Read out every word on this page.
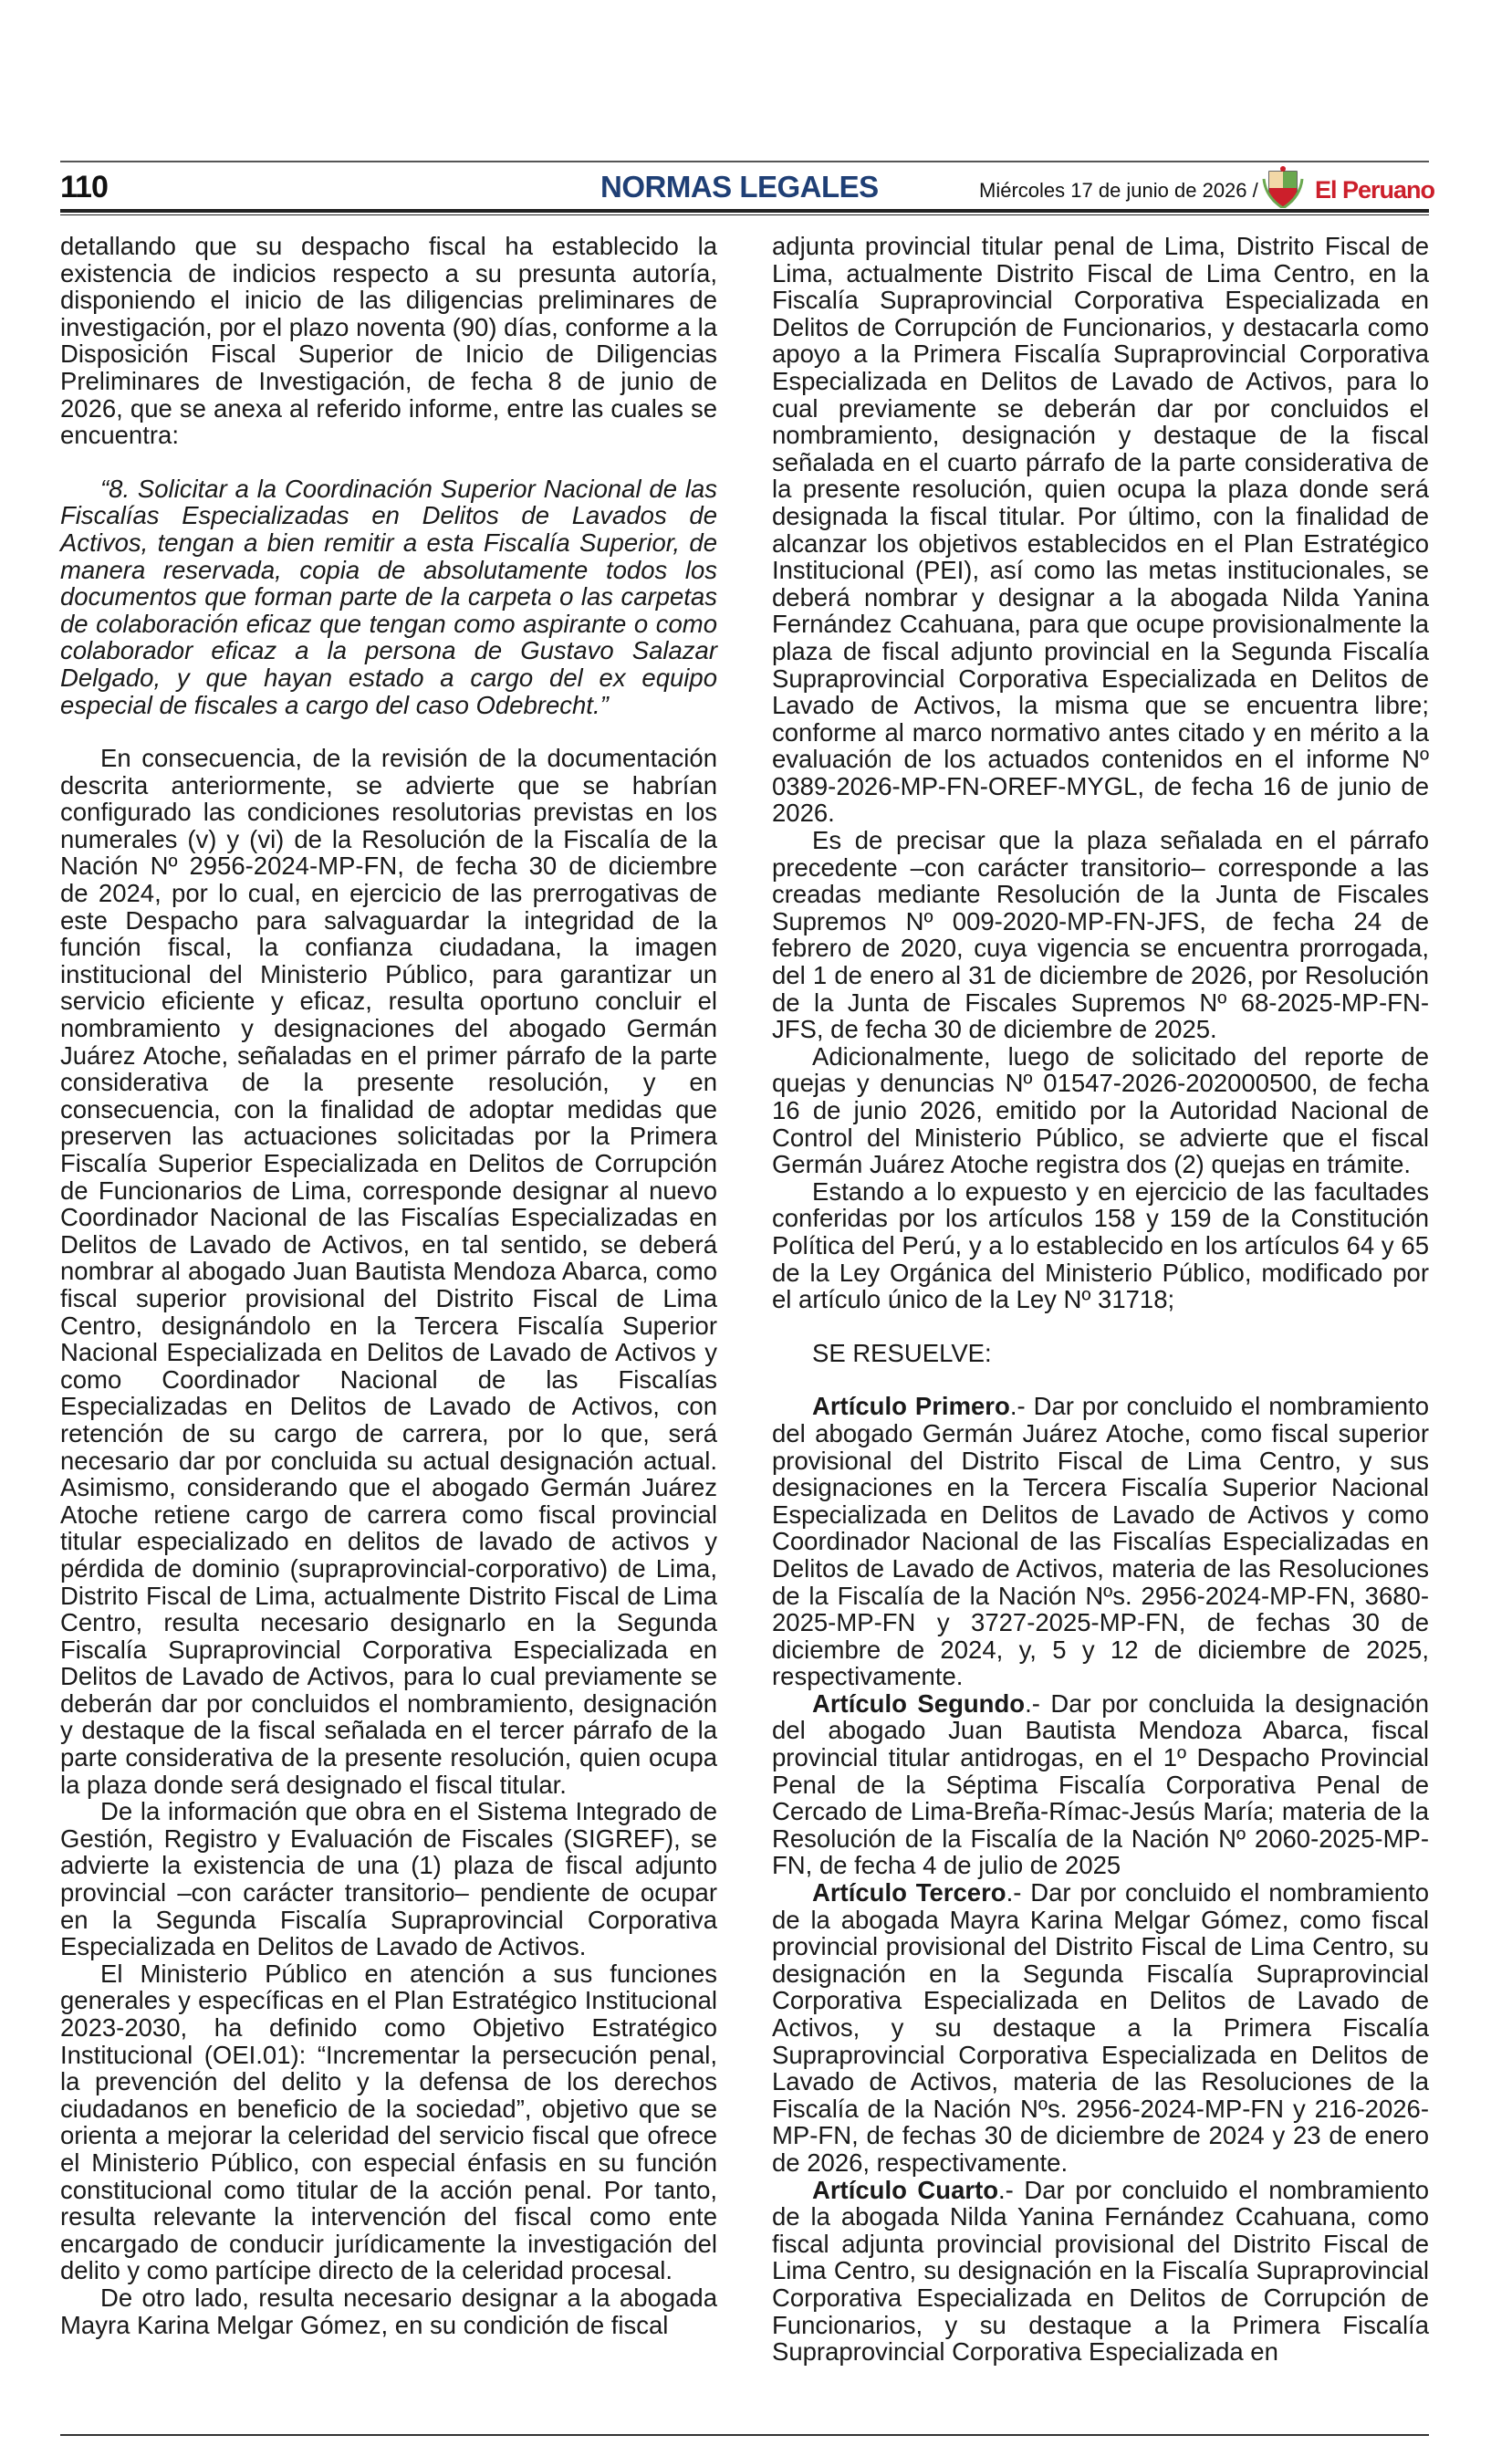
110	NORMAS LEGALES	Miércoles 17 de junio de 2026 / El Peruano

detallando que su despacho fiscal ha establecido la existencia de indicios respecto a su presunta autoría, disponiendo el inicio de las diligencias preliminares de investigación, por el plazo noventa (90) días, conforme a la Disposición Fiscal Superior de Inicio de Diligencias Preliminares de Investigación, de fecha 8 de junio de 2026, que se anexa al referido informe, entre las cuales se encuentra:

“8. Solicitar a la Coordinación Superior Nacional de las Fiscalías Especializadas en Delitos de Lavados de Activos, tengan a bien remitir a esta Fiscalía Superior, de manera reservada, copia de absolutamente todos los documentos que forman parte de la carpeta o las carpetas de colaboración eficaz que tengan como aspirante o como colaborador eficaz a la persona de Gustavo Salazar Delgado, y que hayan estado a cargo del ex equipo especial de fiscales a cargo del caso Odebrecht.”

En consecuencia, de la revisión de la documentación descrita anteriormente, se advierte que se habrían configurado las condiciones resolutorias previstas en los numerales (v) y (vi) de la Resolución de la Fiscalía de la Nación Nº 2956-2024-MP-FN, de fecha 30 de diciembre de 2024, por lo cual, en ejercicio de las prerrogativas de este Despacho para salvaguardar la integridad de la función fiscal, la confianza ciudadana, la imagen institucional del Ministerio Público, para garantizar un servicio eficiente y eficaz, resulta oportuno concluir el nombramiento y designaciones del abogado Germán Juárez Atoche, señaladas en el primer párrafo de la parte considerativa de la presente resolución, y en consecuencia, con la finalidad de adoptar medidas que preserven las actuaciones solicitadas por la Primera Fiscalía Superior Especializada en Delitos de Corrupción de Funcionarios de Lima, corresponde designar al nuevo Coordinador Nacional de las Fiscalías Especializadas en Delitos de Lavado de Activos, en tal sentido, se deberá nombrar al abogado Juan Bautista Mendoza Abarca, como fiscal superior provisional del Distrito Fiscal de Lima Centro, designándolo en la Tercera Fiscalía Superior Nacional Especializada en Delitos de Lavado de Activos y como Coordinador Nacional de las Fiscalías Especializadas en Delitos de Lavado de Activos, con retención de su cargo de carrera, por lo que, será necesario dar por concluida su actual designación actual. Asimismo, considerando que el abogado Germán Juárez Atoche retiene cargo de carrera como fiscal provincial titular especializado en delitos de lavado de activos y pérdida de dominio (supraprovincial-corporativo) de Lima, Distrito Fiscal de Lima, actualmente Distrito Fiscal de Lima Centro, resulta necesario designarlo en la Segunda Fiscalía Supraprovincial Corporativa Especializada en Delitos de Lavado de Activos, para lo cual previamente se deberán dar por concluidos el nombramiento, designación y destaque de la fiscal señalada en el tercer párrafo de la parte considerativa de la presente resolución, quien ocupa la plaza donde será designado el fiscal titular.

De la información que obra en el Sistema Integrado de Gestión, Registro y Evaluación de Fiscales (SIGREF), se advierte la existencia de una (1) plaza de fiscal adjunto provincial –con carácter transitorio– pendiente de ocupar en la Segunda Fiscalía Supraprovincial Corporativa Especializada en Delitos de Lavado de Activos.

El Ministerio Público en atención a sus funciones generales y específicas en el Plan Estratégico Institucional 2023-2030, ha definido como Objetivo Estratégico Institucional (OEI.01): “Incrementar la persecución penal, la prevención del delito y la defensa de los derechos ciudadanos en beneficio de la sociedad”, objetivo que se orienta a mejorar la celeridad del servicio fiscal que ofrece el Ministerio Público, con especial énfasis en su función constitucional como titular de la acción penal. Por tanto, resulta relevante la intervención del fiscal como ente encargado de conducir jurídicamente la investigación del delito y como partícipe directo de la celeridad procesal.

De otro lado, resulta necesario designar a la abogada Mayra Karina Melgar Gómez, en su condición de fiscal

adjunta provincial titular penal de Lima, Distrito Fiscal de Lima, actualmente Distrito Fiscal de Lima Centro, en la Fiscalía Supraprovincial Corporativa Especializada en Delitos de Corrupción de Funcionarios, y destacarla como apoyo a la Primera Fiscalía Supraprovincial Corporativa Especializada en Delitos de Lavado de Activos, para lo cual previamente se deberán dar por concluidos el nombramiento, designación y destaque de la fiscal señalada en el cuarto párrafo de la parte considerativa de la presente resolución, quien ocupa la plaza donde será designada la fiscal titular. Por último, con la finalidad de alcanzar los objetivos establecidos en el Plan Estratégico Institucional (PEI), así como las metas institucionales, se deberá nombrar y designar a la abogada Nilda Yanina Fernández Ccahuana, para que ocupe provisionalmente la plaza de fiscal adjunto provincial en la Segunda Fiscalía Supraprovincial Corporativa Especializada en Delitos de Lavado de Activos, la misma que se encuentra libre; conforme al marco normativo antes citado y en mérito a la evaluación de los actuados contenidos en el informe Nº 0389-2026-MP-FN-OREF-MYGL, de fecha 16 de junio de 2026.

Es de precisar que la plaza señalada en el párrafo precedente –con carácter transitorio– corresponde a las creadas mediante Resolución de la Junta de Fiscales Supremos Nº 009-2020-MP-FN-JFS, de fecha 24 de febrero de 2020, cuya vigencia se encuentra prorrogada, del 1 de enero al 31 de diciembre de 2026, por Resolución de la Junta de Fiscales Supremos Nº 68-2025-MP-FN-JFS, de fecha 30 de diciembre de 2025.

Adicionalmente, luego de solicitado del reporte de quejas y denuncias Nº 01547-2026-202000500, de fecha 16 de junio 2026, emitido por la Autoridad Nacional de Control del Ministerio Público, se advierte que el fiscal Germán Juárez Atoche registra dos (2) quejas en trámite.

Estando a lo expuesto y en ejercicio de las facultades conferidas por los artículos 158 y 159 de la Constitución Política del Perú, y a lo establecido en los artículos 64 y 65 de la Ley Orgánica del Ministerio Público, modificado por el artículo único de la Ley Nº 31718;

SE RESUELVE:

Artículo Primero.- Dar por concluido el nombramiento del abogado Germán Juárez Atoche, como fiscal superior provisional del Distrito Fiscal de Lima Centro, y sus designaciones en la Tercera Fiscalía Superior Nacional Especializada en Delitos de Lavado de Activos y como Coordinador Nacional de las Fiscalías Especializadas en Delitos de Lavado de Activos, materia de las Resoluciones de la Fiscalía de la Nación Nºs. 2956-2024-MP-FN, 3680-2025-MP-FN y 3727-2025-MP-FN, de fechas 30 de diciembre de 2024, y, 5 y 12 de diciembre de 2025, respectivamente.

Artículo Segundo.- Dar por concluida la designación del abogado Juan Bautista Mendoza Abarca, fiscal provincial titular antidrogas, en el 1º Despacho Provincial Penal de la Séptima Fiscalía Corporativa Penal de Cercado de Lima-Breña-Rímac-Jesús María; materia de la Resolución de la Fiscalía de la Nación Nº 2060-2025-MP-FN, de fecha 4 de julio de 2025

Artículo Tercero.- Dar por concluido el nombramiento de la abogada Mayra Karina Melgar Gómez, como fiscal provincial provisional del Distrito Fiscal de Lima Centro, su designación en la Segunda Fiscalía Supraprovincial Corporativa Especializada en Delitos de Lavado de Activos, y su destaque a la Primera Fiscalía Supraprovincial Corporativa Especializada en Delitos de Lavado de Activos, materia de las Resoluciones de la Fiscalía de la Nación Nºs. 2956-2024-MP-FN y 216-2026-MP-FN, de fechas 30 de diciembre de 2024 y 23 de enero de 2026, respectivamente.

Artículo Cuarto.- Dar por concluido el nombramiento de la abogada Nilda Yanina Fernández Ccahuana, como fiscal adjunta provincial provisional del Distrito Fiscal de Lima Centro, su designación en la Fiscalía Supraprovincial Corporativa Especializada en Delitos de Corrupción de Funcionarios, y su destaque a la Primera Fiscalía Supraprovincial Corporativa Especializada en
